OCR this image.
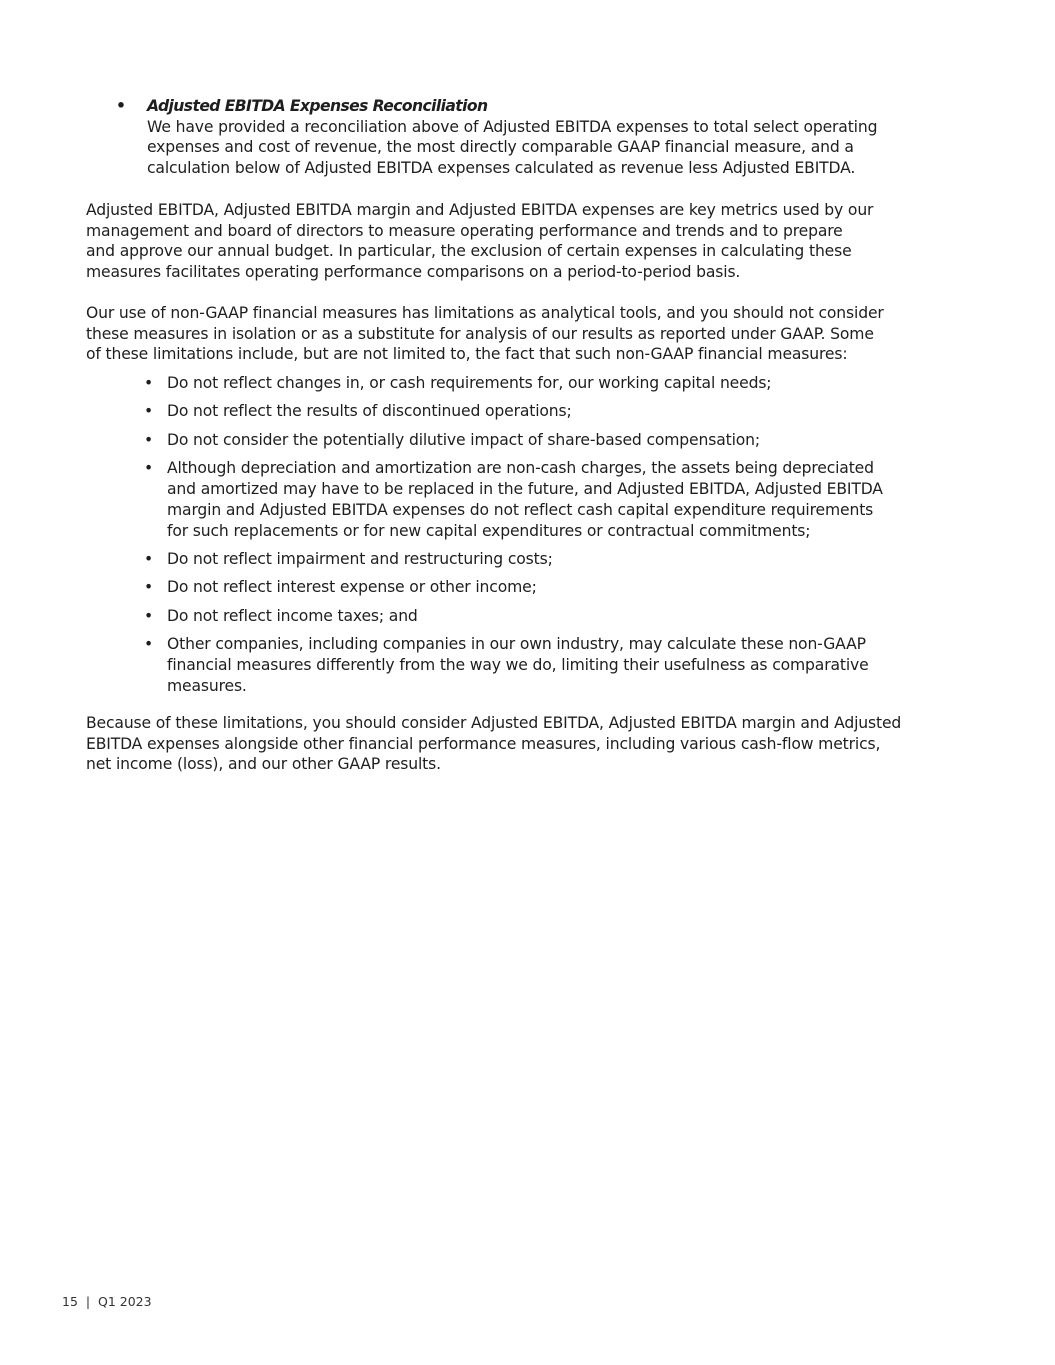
• Adjusted EBITDA Expenses Reconciliation
We have provided a reconciliation above of Adjusted EBITDA expenses to total select operating
expenses and cost of revenue, the most directly comparable GAAP financial measure, and a
calculation below of Adjusted EBITDA expenses calculated as revenue less Adjusted EBITDA.
Adjusted EBITDA, Adjusted EBITDA margin and Adjusted EBITDA expenses are key metrics used by our
management and board of directors to measure operating performance and trends and to prepare
and approve our annual budget. In particular, the exclusion of certain expenses in calculating these
measures facilitates operating performance comparisons on a period-to-period basis.
Our use of non-GAAP financial measures has limitations as analytical tools, and you should not consider
these measures in isolation or as a substitute for analysis of our results as reported under GAAP. Some
of these limitations include, but are not limited to, the fact that such non-GAAP financial measures:
• Do not reflect changes in, or cash requirements for, our working capital needs;
• Do not reflect the results of discontinued operations;
• Do not consider the potentially dilutive impact of share-based compensation;
• Although depreciation and amortization are non-cash charges, the assets being depreciated
and amortized may have to be replaced in the future, and Adjusted EBITDA, Adjusted EBITDA
margin and Adjusted EBITDA expenses do not reflect cash capital expenditure requirements
for such replacements or for new capital expenditures or contractual commitments;
• Do not reflect impairment and restructuring costs;
• Do not reflect interest expense or other income;
• Do not reflect income taxes; and
• Other companies, including companies in our own industry, may calculate these non-GAAP
financial measures differently from the way we do, limiting their usefulness as comparative
measures.
Because of these limitations, you should consider Adjusted EBITDA, Adjusted EBITDA margin and Adjusted
EBITDA expenses alongside other financial performance measures, including various cash-flow metrics,
net income (loss), and our other GAAP results.
15  |  Q1 2023
